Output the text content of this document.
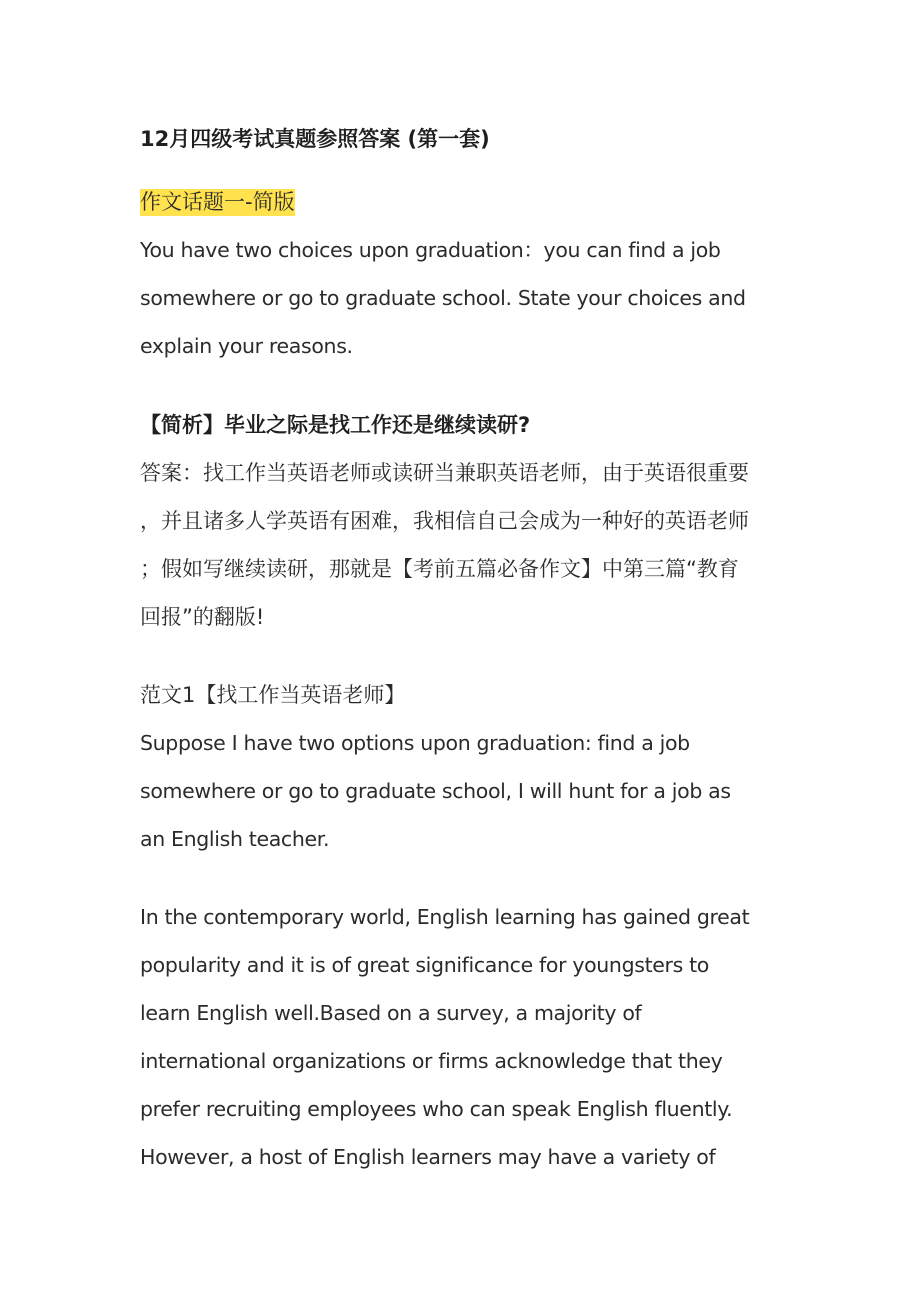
12月四级考试真题参照答案 (第一套)
作文话题一-简版
You have two choices upon graduation：you can find a job
somewhere or go to graduate school. State your choices and
explain your reasons.
【简析】毕业之际是找工作还是继续读研?
答案：找工作当英语老师或读研当兼职英语老师，由于英语很重要
，并且诸多人学英语有困难，我相信自己会成为一种好的英语老师
；假如写继续读研，那就是【考前五篇必备作文】中第三篇“教育
回报”的翻版!
范文1【找工作当英语老师】
Suppose I have two options upon graduation: find a job
somewhere or go to graduate school, I will hunt for a job as
an English teacher.
In the contemporary world, English learning has gained great
popularity and it is of great significance for youngsters to
learn English well.Based on a survey, a majority of
international organizations or firms acknowledge that they
prefer recruiting employees who can speak English fluently.
However, a host of English learners may have a variety of
